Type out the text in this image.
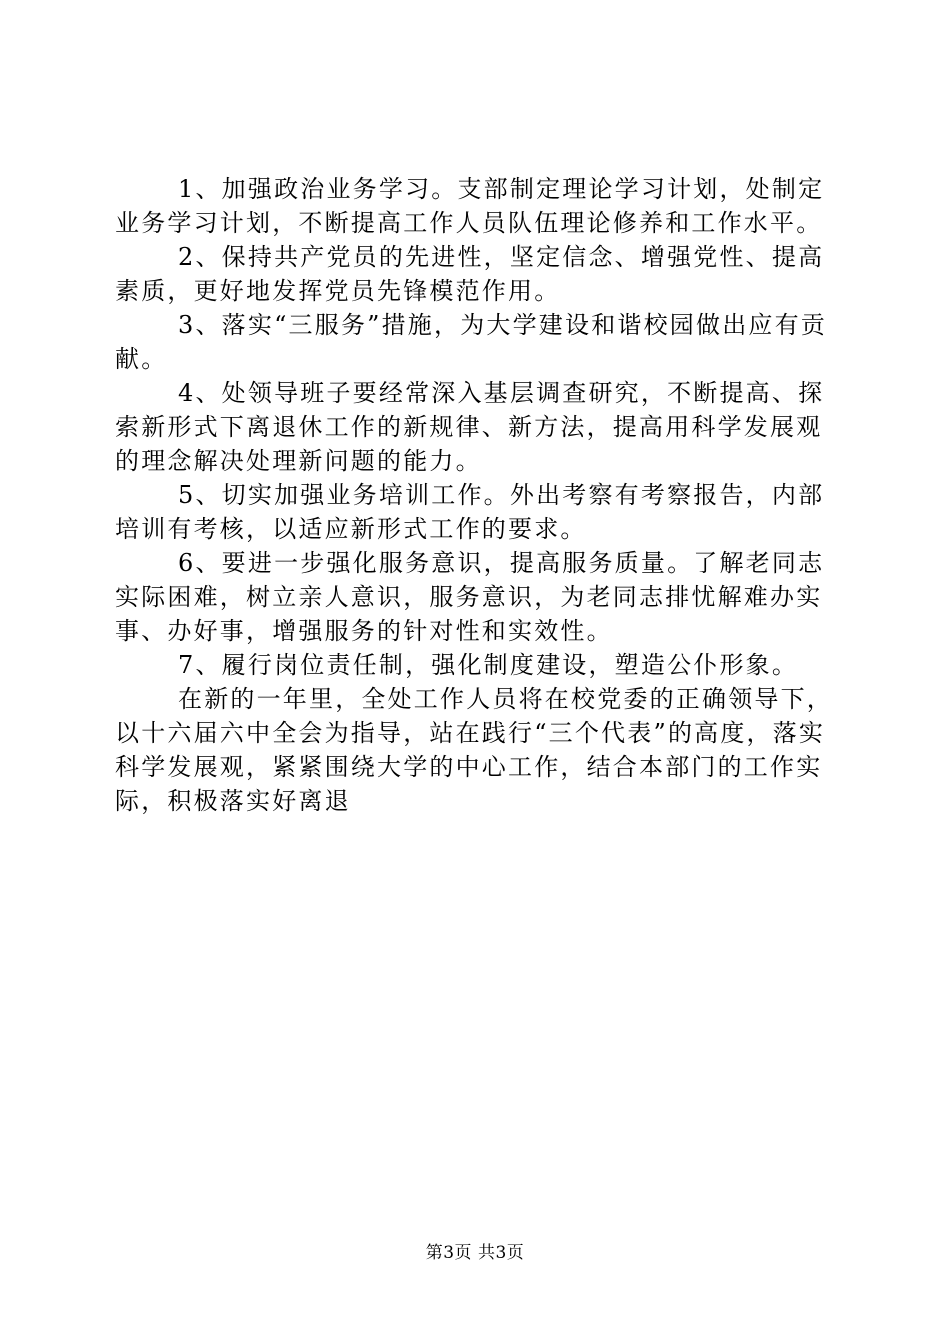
1、加强政治业务学习。支部制定理论学习计划，处制定业务学习计划，不断提高工作人员队伍理论修养和工作水平。

2、保持共产党员的先进性，坚定信念、增强党性、提高素质，更好地发挥党员先锋模范作用。

3、落实“三服务”措施，为大学建设和谐校园做出应有贡献。

4、处领导班子要经常深入基层调查研究，不断提高、探索新形式下离退休工作的新规律、新方法，提高用科学发展观的理念解决处理新问题的能力。

5、切实加强业务培训工作。外出考察有考察报告，内部培训有考核，以适应新形式工作的要求。

6、要进一步强化服务意识，提高服务质量。了解老同志实际困难，树立亲人意识，服务意识，为老同志排忧解难办实事、办好事，增强服务的针对性和实效性。

7、履行岗位责任制，强化制度建设，塑造公仆形象。

在新的一年里，全处工作人员将在校党委的正确领导下，以十六届六中全会为指导，站在践行“三个代表”的高度，落实科学发展观，紧紧围绕大学的中心工作，结合本部门的工作实际，积极落实好离退

第3页 共3页
